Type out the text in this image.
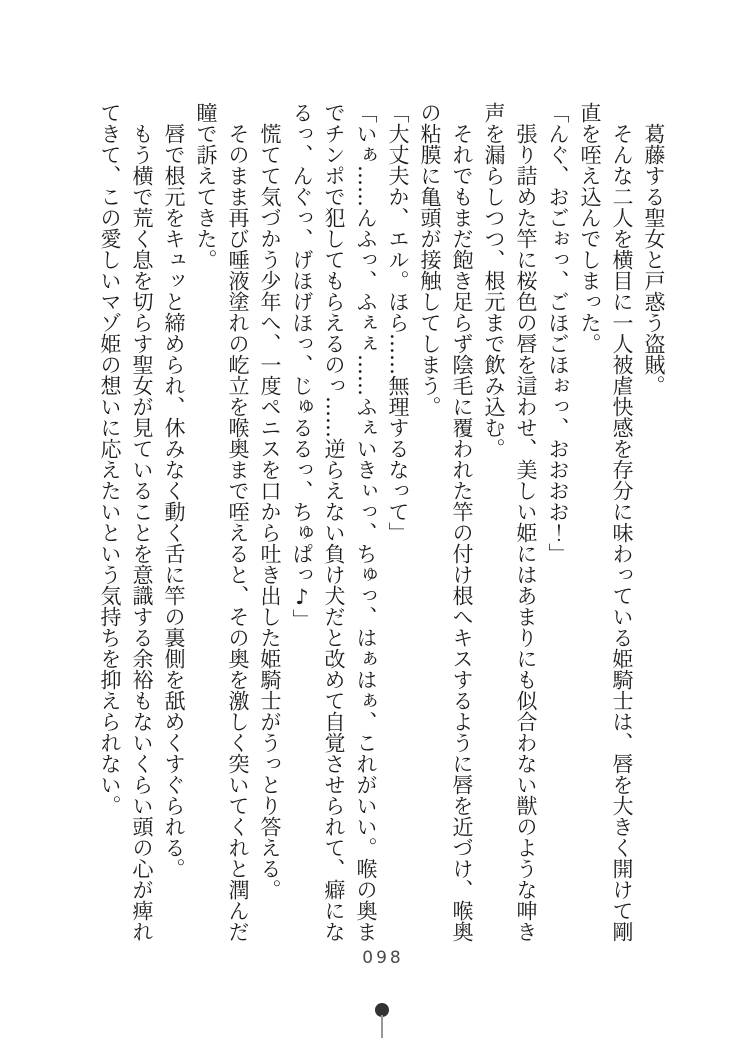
　葛藤する聖女と戸惑う盗賊。

　そんな二人を横目に一人被虐快感を存分に味わっている姫騎士は、唇を大きく開けて剛直を咥え込んでしまった。

「んぐ、おごぉっ、ごほごほぉっ、おおおお！」

　張り詰めた竿に桜色の唇を這わせ、美しい姫にはあまりにも似合わない獣のような呻き声を漏らしつつ、根元まで飲み込む。

　それでもまだ飽き足らず陰毛に覆われた竿の付け根へキスするように唇を近づけ、喉奥の粘膜に亀頭が接触してしまう。

「大丈夫か、エル。ほら……無理するなって」

「いぁ……んふっ、ふぇぇ……ふぇいきぃっ、ちゅっ、はぁはぁ、これがいい。喉の奥までチンポで犯してもらえるのっ……逆らえない負け犬だと改めて自覚させられて、癖になるっ、んぐっ、げほげほっ、じゅるるっ、ちゅぱっ♪」

　慌てて気づかう少年へ、一度ペニスを口から吐き出した姫騎士がうっとり答える。

　そのまま再び唾液塗れの屹立を喉奥まで咥えると、その奥を激しく突いてくれと潤んだ瞳で訴えてきた。

　唇で根元をキュッと締められ、休みなく動く舌に竿の裏側を舐めくすぐられる。

　もう横で荒く息を切らす聖女が見ていることを意識する余裕もないくらい頭の心が痺れてきて、この愛しいマゾ姫の想いに応えたいという気持ちを抑えられない。

098
